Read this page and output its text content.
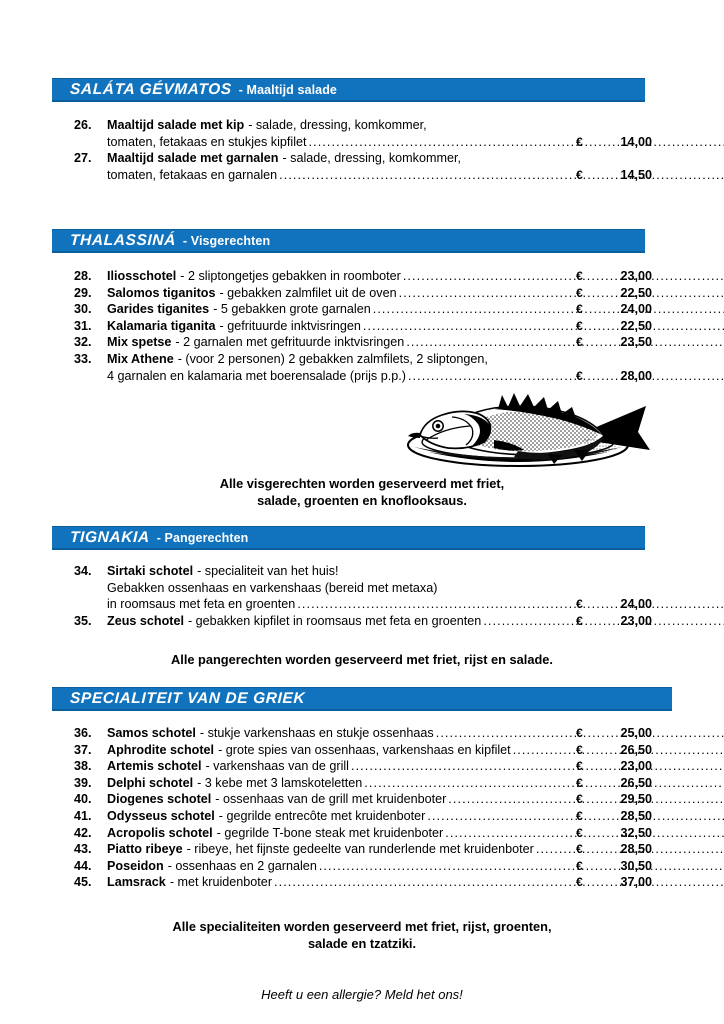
SALÁTA GÉVMATOS - Maaltijd salade
26.	Maaltijd salade met kip - salade, dressing, komkommer,
tomaten, fetakaas en stukjes kipfilet .....	€	14,00
27.	Maaltijd salade met garnalen - salade, dressing, komkommer,
tomaten, fetakaas en garnalen .....	€	14,50
THALASSINÁ - Visgerechten
28.	Iliosschotel - 2 sliptongetjes gebakken in roomboter .....	€	23,00
29.	Salomos tiganitos - gebakken zalmfilet uit de oven .....	€	22,50
30.	Garides tiganites - 5 gebakken grote garnalen .....	€	24,00
31.	Kalamaria tiganita - gefrituurde inktvisringen .....	€	22,50
32.	Mix spetse - 2 garnalen met gefrituurde inktvisringen .....	€	23,50
33.	Mix Athene - (voor 2 personen) 2 gebakken zalmfilets, 2 sliptongen,
4 garnalen en kalamaria met boerensalade (prijs p.p.) .....	€	28,00
Alle visgerechten worden geserveerd met friet,
salade, groenten en knoflooksaus.
TIGNAKIA - Pangerechten
34.	Sirtaki schotel - specialiteit van het huis!
Gebakken ossenhaas en varkenshaas (bereid met metaxa)
in roomsaus met feta en groenten .....	€	24,00
35.	Zeus schotel - gebakken kipfilet in roomsaus met feta en groenten .....	€	23,00
Alle pangerechten worden geserveerd met friet, rijst en salade.
SPECIALITEIT VAN DE GRIEK
36.	Samos schotel - stukje varkenshaas en stukje ossenhaas .....	€	25,00
37.	Aphrodite schotel - grote spies van ossenhaas, varkenshaas en kipfilet .....	€	26,50
38.	Artemis schotel - varkenshaas van de grill .....	€	23,00
39.	Delphi schotel - 3 kebe met 3 lamskoteletten .....	€	26,50
40.	Diogenes schotel - ossenhaas van de grill met kruidenboter .....	€	29,50
41.	Odysseus schotel - gegrilde entrecôte met kruidenboter .....	€	28,50
42.	Acropolis schotel - gegrilde T-bone steak met kruidenboter .....	€	32,50
43.	Piatto ribeye - ribeye, het fijnste gedeelte van runderlende met kruidenboter .....	€	28,50
44.	Poseidon - ossenhaas en 2 garnalen .....	€	30,50
45.	Lamsrack - met kruidenboter .....	€	37,00
Alle specialiteiten worden geserveerd met friet, rijst, groenten,
salade en tzatziki.
Heeft u een allergie? Meld het ons!
